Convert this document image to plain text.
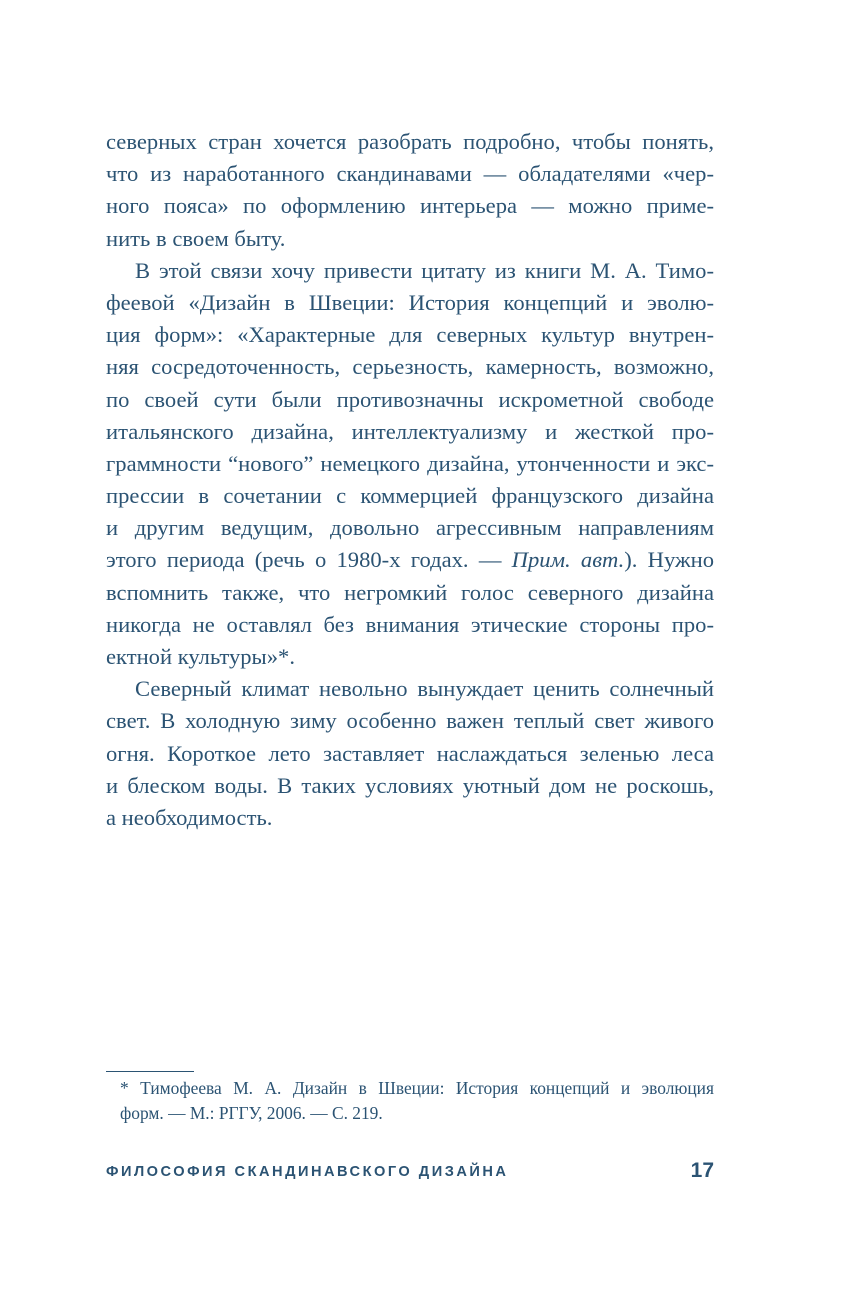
северных стран хочется разобрать подробно, чтобы понять,
что из наработанного скандинавами — обладателями «чер-
ного пояса» по оформлению интерьера — можно приме-
нить в своем быту.
В этой связи хочу привести цитату из книги М. А. Тимо-
феевой «Дизайн в Швеции: История концепций и эволю-
ция форм»: «Характерные для северных культур внутрен-
няя сосредоточенность, серьезность, камерность, возможно,
по своей сути были противозначны искрометной свободе
итальянского дизайна, интеллектуализму и жесткой про-
граммности “нового” немецкого дизайна, утонченности и экс-
прессии в сочетании с коммерцией французского дизайна
и другим ведущим, довольно агрессивным направлениям
этого периода (речь о 1980-х годах. — Прим. авт.). Нужно
вспомнить также, что негромкий голос северного дизайна
никогда не оставлял без внимания этические стороны про-
ектной культуры»*.
Северный климат невольно вынуждает ценить солнечный
свет. В холодную зиму особенно важен теплый свет живого
огня. Короткое лето заставляет наслаждаться зеленью леса
и блеском воды. В таких условиях уютный дом не роскошь,
а необходимость.
* Тимофеева М. А. Дизайн в Швеции: История концепций и эволюция
форм. — М.: РГГУ, 2006. — С. 219.
ФИЛОСОФИЯ СКАНДИНАВСКОГО ДИЗАЙНА	17
